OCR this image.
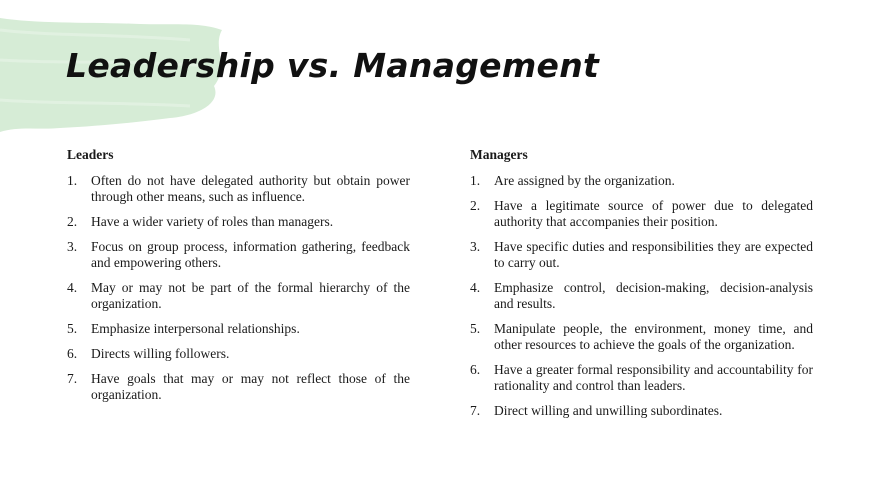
Leadership vs. Management
Leaders
1.	Often do not have delegated authority but obtain power through other means, such as influence.
2.	Have a wider variety of roles than managers.
3.	Focus on group process, information gathering, feedback and empowering others.
4.	May or may not be part of the formal hierarchy of the organization.
5.	Emphasize interpersonal relationships.
6.	Directs willing followers.
7.	Have goals that may or may not reflect those of the organization.
Managers
1.	Are assigned by the organization.
2.	Have a legitimate source of power due to delegated authority that accompanies their position.
3.	Have specific duties and responsibilities they are expected to carry out.
4.	Emphasize control, decision-making, decision-analysis and results.
5.	Manipulate people, the environment, money time, and other resources to achieve the goals of the organization.
6.	Have a greater formal responsibility and accountability for rationality and control than leaders.
7.	Direct willing and unwilling subordinates.
